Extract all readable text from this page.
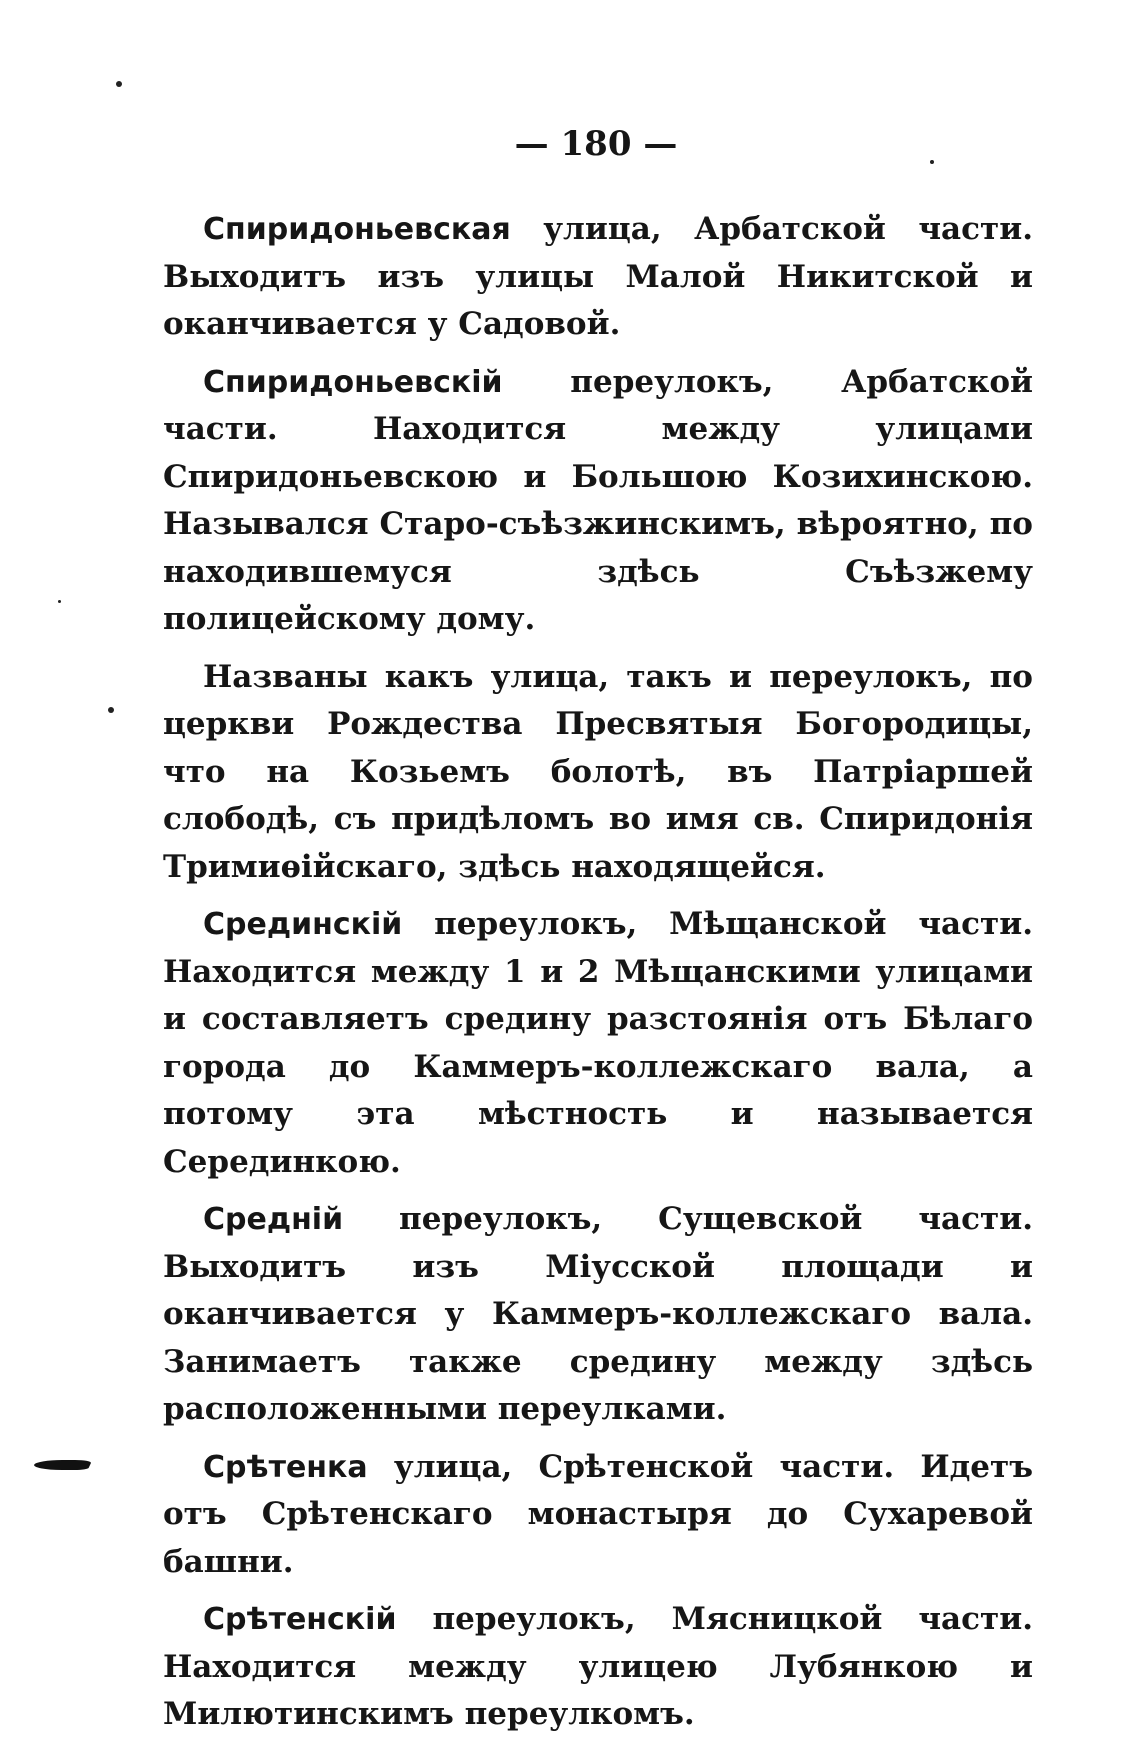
— 180 —

Спиридоньевская улица, Арбатской части. Выходитъ изъ улицы Малой Никитской и оканчивается у Садовой.

Спиридоньевскій переулокъ, Арбатской части. Находится между улицами Спиридоньевскою и Большою Козихинскою. Назывался Старо-съѣзжинскимъ, вѣроятно, по находившемуся здѣсь Съѣзжему полицейскому дому.

Названы какъ улица, такъ и переулокъ, по церкви Рождества Пресвятыя Богородицы, что на Козьемъ болотѣ, въ Патріаршей слободѣ, съ придѣломъ во имя св. Спиридонія Тримиѳійскаго, здѣсь находящейся.

Срединскій переулокъ, Мѣщанской части. Находится между 1 и 2 Мѣщанскими улицами и составляетъ средину разстоянія отъ Бѣлаго города до Каммеръ-коллежскаго вала, а потому эта мѣстность и называется Серединкою.

Средній переулокъ, Сущевской части. Выходитъ изъ Міусской площади и оканчивается у Каммеръ-коллежскаго вала. Занимаетъ также средину между здѣсь расположенными переулками.

Срѣтенка улица, Срѣтенской части. Идетъ отъ Срѣтенскаго монастыря до Сухаревой башни.

Срѣтенскій переулокъ, Мясницкой части. Находится между улицею Лубянкою и Милютинскимъ переулкомъ.
